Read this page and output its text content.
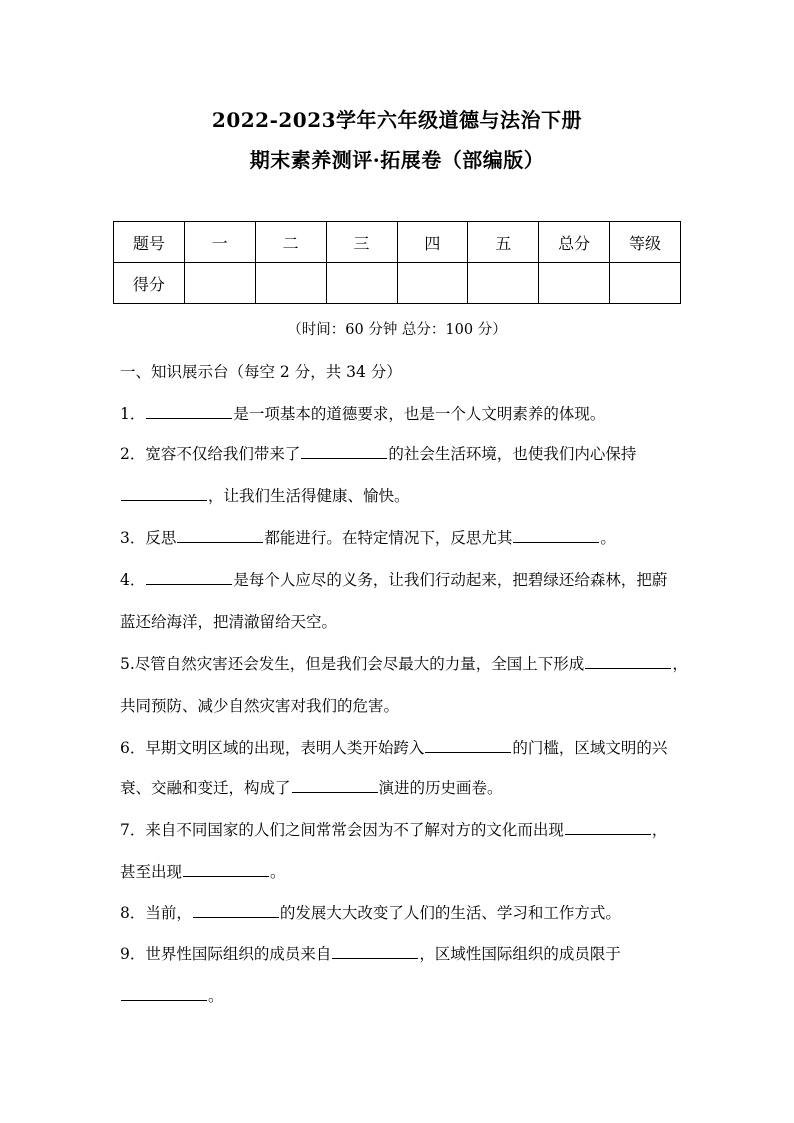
2022-2023学年六年级道德与法治下册
期末素养测评·拓展卷（部编版）
题号	一	二	三	四	五	总分	等级
得分							
（时间：60 分钟 总分：100 分）
一、知识展示台（每空 2 分，共 34 分）
1．	是一项基本的道德要求，也是一个人文明素养的体现。
2．宽容不仅给我们带来了	的社会生活环境，也使我们内心保持
，让我们生活得健康、愉快。
3．反思	都能进行。在特定情况下，反思尤其	。
4．	是每个人应尽的义务，让我们行动起来，把碧绿还给森林，把蔚
蓝还给海洋，把清澈留给天空。
5.尽管自然灾害还会发生，但是我们会尽最大的力量，全国上下形成	，
共同预防、减少自然灾害对我们的危害。
6．早期文明区域的出现，表明人类开始跨入	的门槛，区域文明的兴
衰、交融和变迁，构成了	演进的历史画卷。
7．来自不同国家的人们之间常常会因为不了解对方的文化而出现	，
甚至出现	。
8．当前，	的发展大大改变了人们的生活、学习和工作方式。
9．世界性国际组织的成员来自	，区域性国际组织的成员限于
。
